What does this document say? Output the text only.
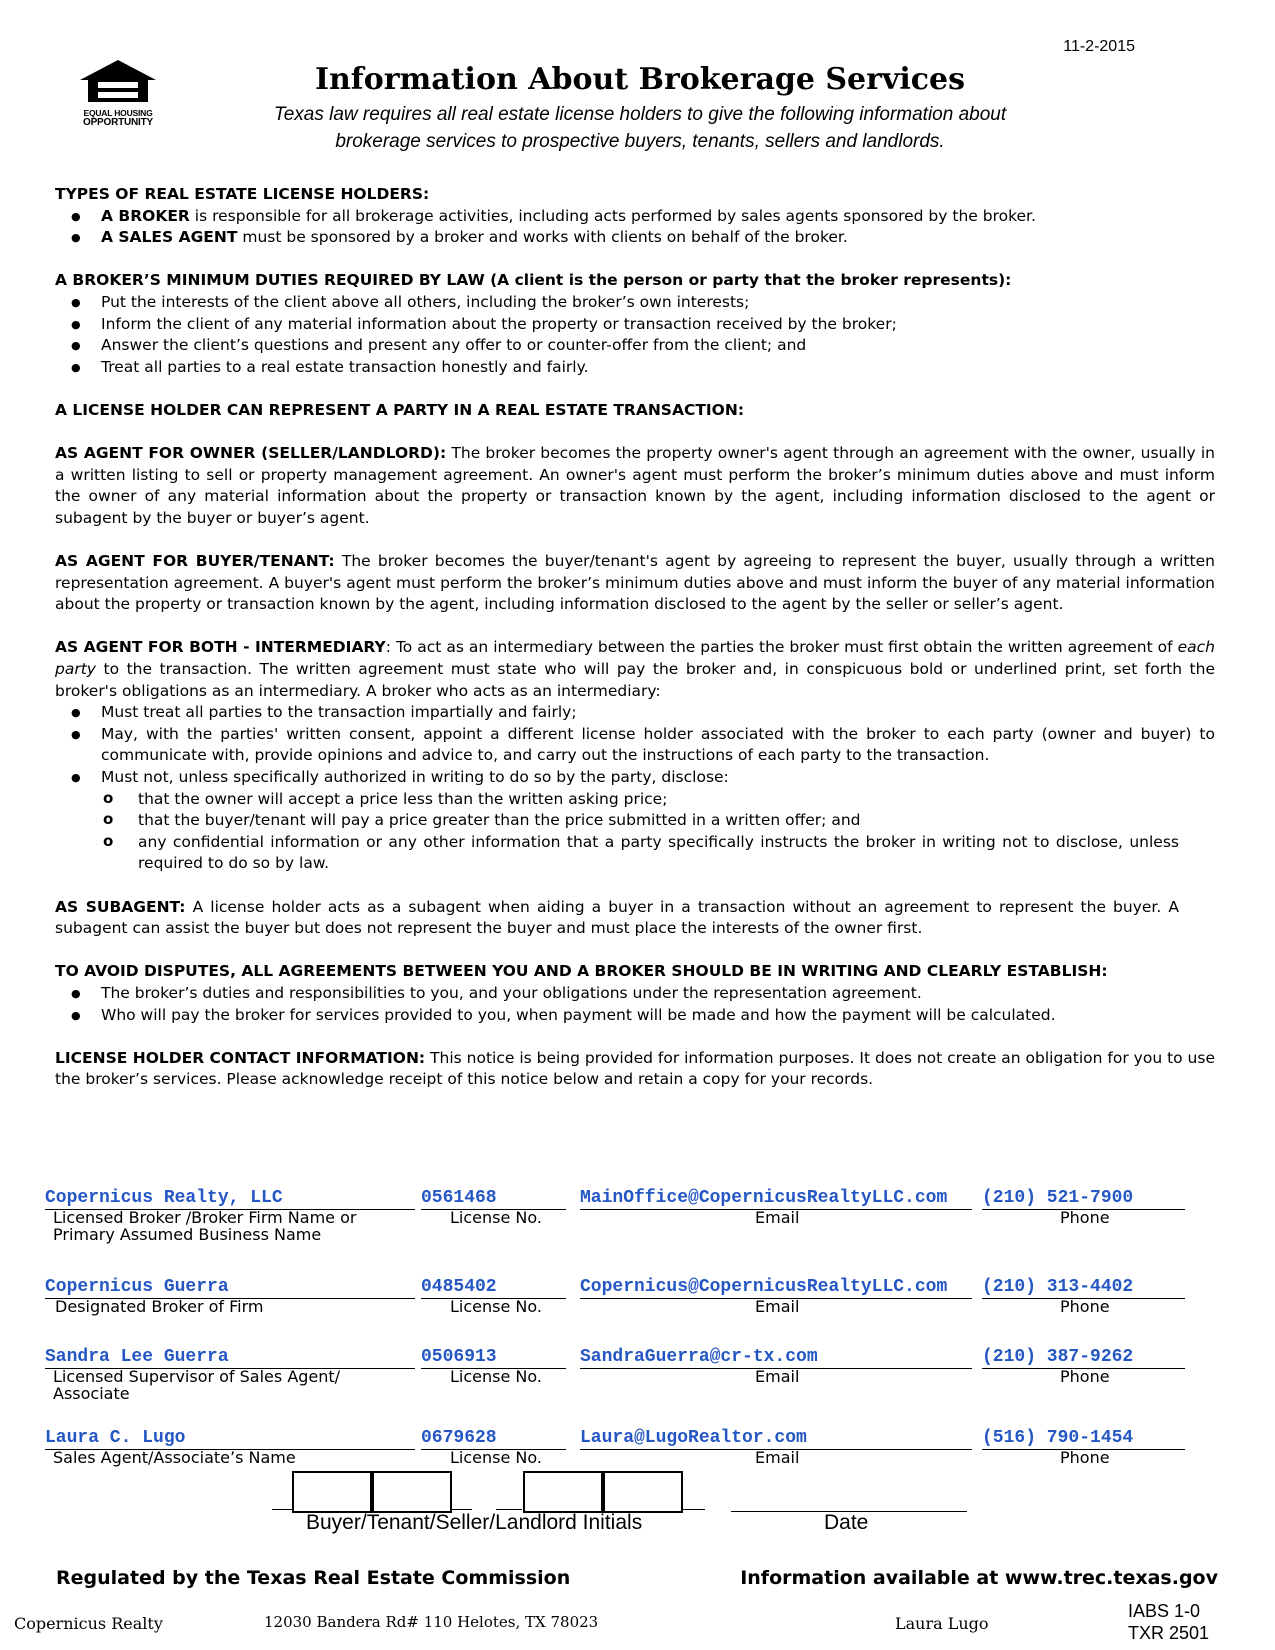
11-2-2015
EQUAL HOUSING
OPPORTUNITY
Information About Brokerage Services
Texas law requires all real estate license holders to give the following information about
brokerage services to prospective buyers, tenants, sellers and landlords.
TYPES OF REAL ESTATE LICENSE HOLDERS:
● A BROKER is responsible for all brokerage activities, including acts performed by sales agents sponsored by the broker.
● A SALES AGENT must be sponsored by a broker and works with clients on behalf of the broker.
A BROKER’S MINIMUM DUTIES REQUIRED BY LAW (A client is the person or party that the broker represents):
● Put the interests of the client above all others, including the broker’s own interests;
● Inform the client of any material information about the property or transaction received by the broker;
● Answer the client’s questions and present any offer to or counter-offer from the client; and
● Treat all parties to a real estate transaction honestly and fairly.
A LICENSE HOLDER CAN REPRESENT A PARTY IN A REAL ESTATE TRANSACTION:

AS AGENT FOR OWNER (SELLER/LANDLORD): The broker becomes the property owner's agent through an agreement with the owner, usually in a written listing to sell or property management agreement. An owner's agent must perform the broker’s minimum duties above and must inform the owner of any material information about the property or transaction known by the agent, including information disclosed to the agent or subagent by the buyer or buyer’s agent.

AS AGENT FOR BUYER/TENANT: The broker becomes the buyer/tenant's agent by agreeing to represent the buyer, usually through a written representation agreement. A buyer's agent must perform the broker’s minimum duties above and must inform the buyer of any material information about the property or transaction known by the agent, including information disclosed to the agent by the seller or seller’s agent.

AS AGENT FOR BOTH - INTERMEDIARY: To act as an intermediary between the parties the broker must first obtain the written agreement of each party to the transaction. The written agreement must state who will pay the broker and, in conspicuous bold or underlined print, set forth the broker's obligations as an intermediary. A broker who acts as an intermediary:

● Must treat all parties to the transaction impartially and fairly;
● May, with the parties' written consent, appoint a different license holder associated with the broker to each party (owner and buyer) to communicate with, provide opinions and advice to, and carry out the instructions of each party to the transaction.
● Must not, unless specifically authorized in writing to do so by the party, disclose:
o that the owner will accept a price less than the written asking price;
o that the buyer/tenant will pay a price greater than the price submitted in a written offer; and
o any confidential information or any other information that a party specifically instructs the broker in writing not to disclose, unless required to do so by law.

AS SUBAGENT: A license holder acts as a subagent when aiding a buyer in a transaction without an agreement to represent the buyer. A subagent can assist the buyer but does not represent the buyer and must place the interests of the owner first.

TO AVOID DISPUTES, ALL AGREEMENTS BETWEEN YOU AND A BROKER SHOULD BE IN WRITING AND CLEARLY ESTABLISH:
● The broker’s duties and responsibilities to you, and your obligations under the representation agreement.
● Who will pay the broker for services provided to you, when payment will be made and how the payment will be calculated.

LICENSE HOLDER CONTACT INFORMATION: This notice is being provided for information purposes. It does not create an obligation for you to use the broker’s services. Please acknowledge receipt of this notice below and retain a copy for your records.

Copernicus Realty, LLC
Licensed Broker /Broker Firm Name or
Primary Assumed Business Name
0561468
License No.
MainOffice@CopernicusRealtyLLC.com
Email
(210) 521-7900
Phone
Copernicus Guerra
Designated Broker of Firm
0485402
License No.
Copernicus@CopernicusRealtyLLC.com
Email
(210) 313-4402
Phone
Sandra Lee Guerra
Licensed Supervisor of Sales Agent/
Associate
0506913
License No.
SandraGuerra@cr-tx.com
Email
(210) 387-9262
Phone
Laura C. Lugo
Sales Agent/Associate’s Name
0679628
License No.
Laura@LugoRealtor.com
Email
(516) 790-1454
Phone
Buyer/Tenant/Seller/Landlord Initials	Date
Regulated by the Texas Real Estate Commission	Information available at www.trec.texas.gov
Copernicus Realty	12030 Bandera Rd# 110 Helotes, TX 78023	Laura Lugo
IABS 1-0
TXR 2501
